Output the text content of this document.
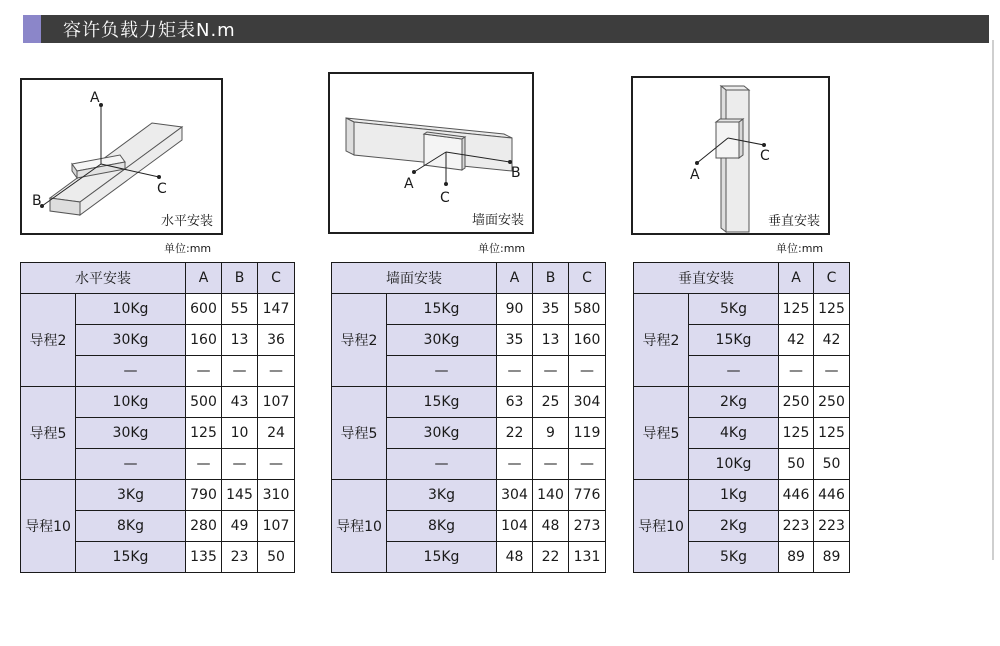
容许负载力矩表N.m
A
C
B
水平安装
单位:mm
B
C
A
墙面安装
单位:mm
C
A
垂直安装
单位:mm
水平安装		A	B	C
导程2	10Kg	600	55	147
	30Kg	160	13	36
	—	—	—	—
导程5	10Kg	500	43	107
	30Kg	125	10	24
	—	—	—	—
导程10	3Kg	790	145	310
	8Kg	280	49	107
	15Kg	135	23	50
墙面安装		A	B	C
导程2	15Kg	90	35	580
	30Kg	35	13	160
	—	—	—	—
导程5	15Kg	63	25	304
	30Kg	22	9	119
	—	—	—	—
导程10	3Kg	304	140	776
	8Kg	104	48	273
	15Kg	48	22	131
垂直安装		A	C
导程2	5Kg	125	125
	15Kg	42	42
	—	—	—
导程5	2Kg	250	250
	4Kg	125	125
	10Kg	50	50
导程10	1Kg	446	446
	2Kg	223	223
	5Kg	89	89
